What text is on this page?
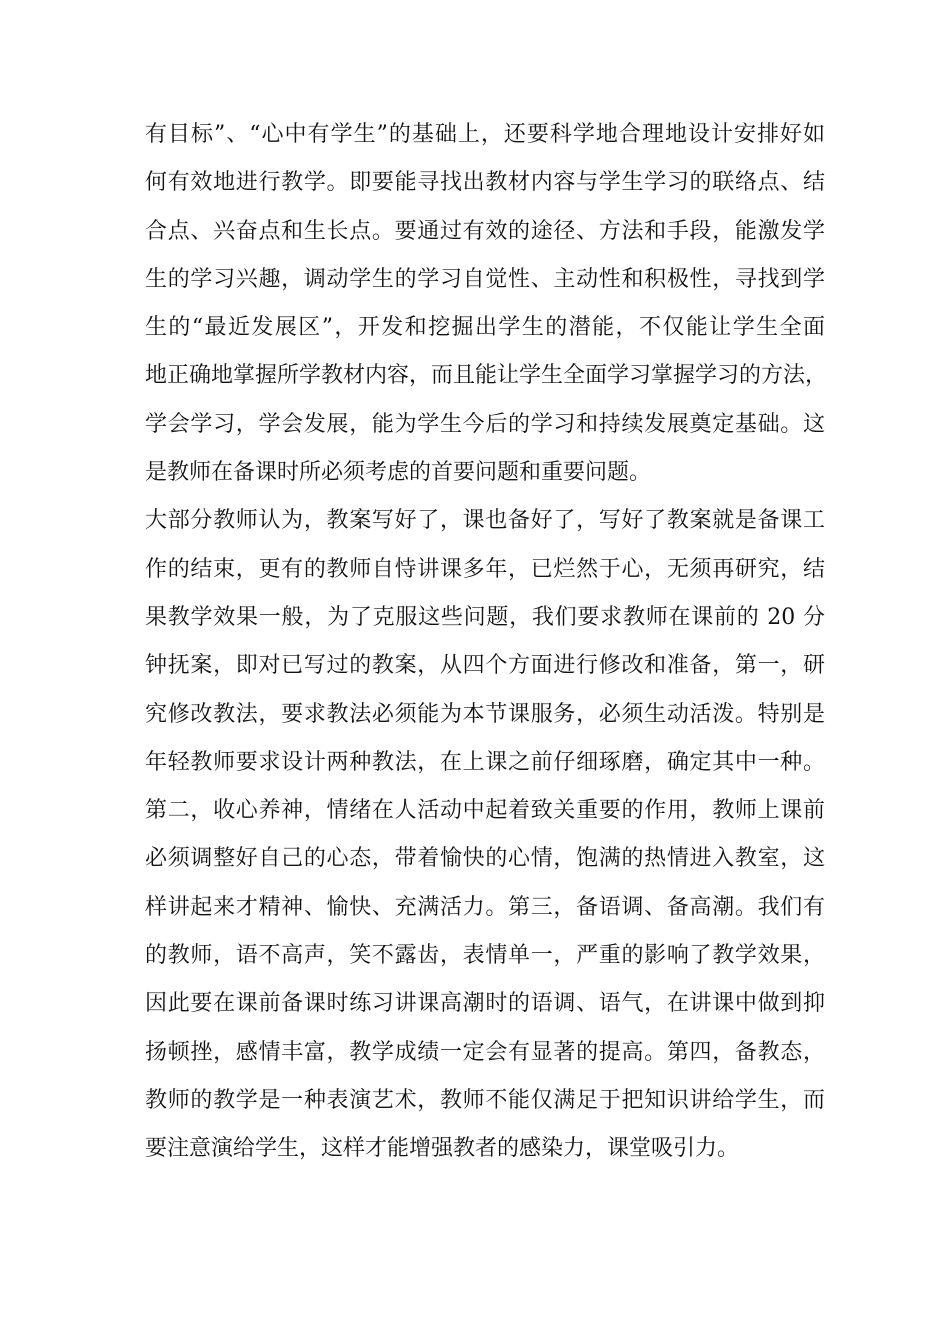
有目标”、“心中有学生”的基础上，还要科学地合理地设计安排好如
何有效地进行教学。即要能寻找出教材内容与学生学习的联络点、结
合点、兴奋点和生长点。要通过有效的途径、方法和手段，能激发学
生的学习兴趣，调动学生的学习自觉性、主动性和积极性，寻找到学
生的“最近发展区”，开发和挖掘出学生的潜能，不仅能让学生全面
地正确地掌握所学教材内容，而且能让学生全面学习掌握学习的方法，
学会学习，学会发展，能为学生今后的学习和持续发展奠定基础。这
是教师在备课时所必须考虑的首要问题和重要问题。
大部分教师认为，教案写好了，课也备好了，写好了教案就是备课工
作的结束，更有的教师自恃讲课多年，已烂然于心，无须再研究，结
果教学效果一般，为了克服这些问题，我们要求教师在课前的 20 分
钟抚案，即对已写过的教案，从四个方面进行修改和准备，第一，研
究修改教法，要求教法必须能为本节课服务，必须生动活泼。特别是
年轻教师要求设计两种教法，在上课之前仔细琢磨，确定其中一种。
第二，收心养神，情绪在人活动中起着致关重要的作用，教师上课前
必须调整好自己的心态，带着愉快的心情，饱满的热情进入教室，这
样讲起来才精神、愉快、充满活力。第三，备语调、备高潮。我们有
的教师，语不高声，笑不露齿，表情单一，严重的影响了教学效果，
因此要在课前备课时练习讲课高潮时的语调、语气，在讲课中做到抑
扬顿挫，感情丰富，教学成绩一定会有显著的提高。第四，备教态，
教师的教学是一种表演艺术，教师不能仅满足于把知识讲给学生，而
要注意演给学生，这样才能增强教者的感染力，课堂吸引力。
